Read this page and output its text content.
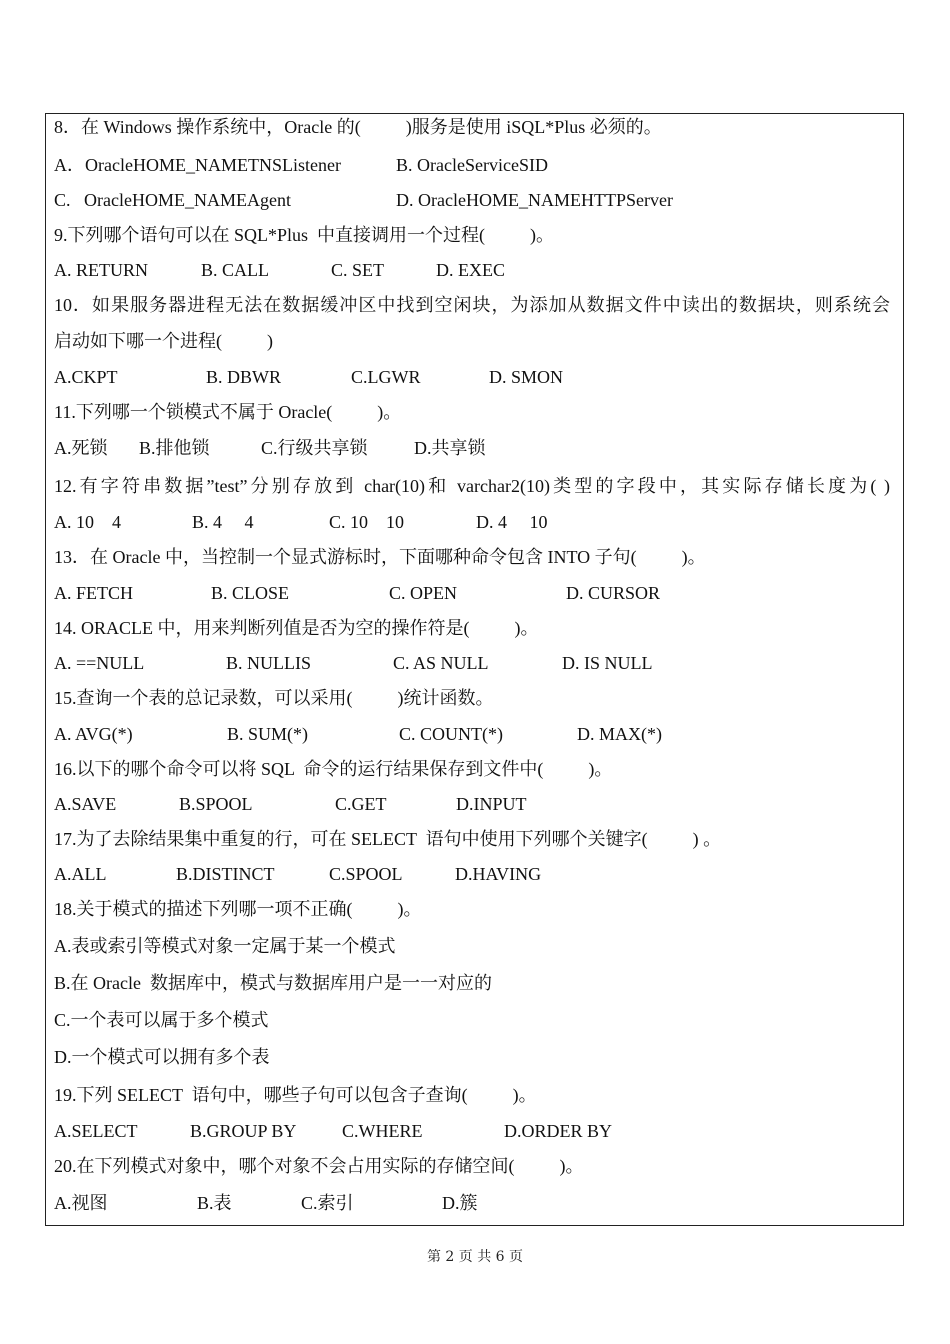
8．在 Windows 操作系统中，Oracle 的(          )服务是使用 iSQL*Plus 必须的。
A．OracleHOME_NAMETNSListener	B. OracleServiceSID
C.   OracleHOME_NAMEAgent	D. OracleHOME_NAMEHTTPServer
9.下列哪个语句可以在 SQL*Plus  中直接调用一个过程(          )。
A. RETURN	B. CALL	C. SET	D. EXEC
10．如果服务器进程无法在数据缓冲区中找到空闲块，为添加从数据文件中读出的数据块，则系统会
启动如下哪一个进程(          )
A.CKPT	B. DBWR	C.LGWR	D. SMON
11.下列哪一个锁模式不属于 Oracle(          )。
A.死锁 B.排他锁	C.行级共享锁	D.共享锁
12.有字符串数据”test”分别存放到 char(10)和 varchar2(10)类型的字段中，其实际存储长度为( )
A. 10    4	B. 4     4	C. 10    10	D. 4     10
13．在 Oracle 中，当控制一个显式游标时，下面哪种命令包含 INTO 子句(          )。
A. FETCH	B. CLOSE	C. OPEN	D. CURSOR
14. ORACLE 中，用来判断列值是否为空的操作符是(          )。
A. ==NULL	B. NULLIS	C. AS NULL	D. IS NULL
15.查询一个表的总记录数，可以采用(          )统计函数。
A. AVG(*)	B. SUM(*)	C. COUNT(*)	D. MAX(*)
16.以下的哪个命令可以将 SQL  命令的运行结果保存到文件中(          )。
A.SAVE	B.SPOOL	C.GET	D.INPUT
17.为了去除结果集中重复的行，可在 SELECT  语句中使用下列哪个关键字(          ) 。
A.ALL	B.DISTINCT	C.SPOOL	D.HAVING
18.关于模式的描述下列哪一项不正确(          )。
A.表或索引等模式对象一定属于某一个模式
B.在 Oracle  数据库中，模式与数据库用户是一一对应的
C.一个表可以属于多个模式
D.一个模式可以拥有多个表
19.下列 SELECT  语句中，哪些子句可以包含子查询(          )。
A.SELECT	B.GROUP BY	C.WHERE	D.ORDER BY
20.在下列模式对象中，哪个对象不会占用实际的存储空间(          )。
A.视图	B.表	C.索引	D.簇
第 2 页 共 6 页
